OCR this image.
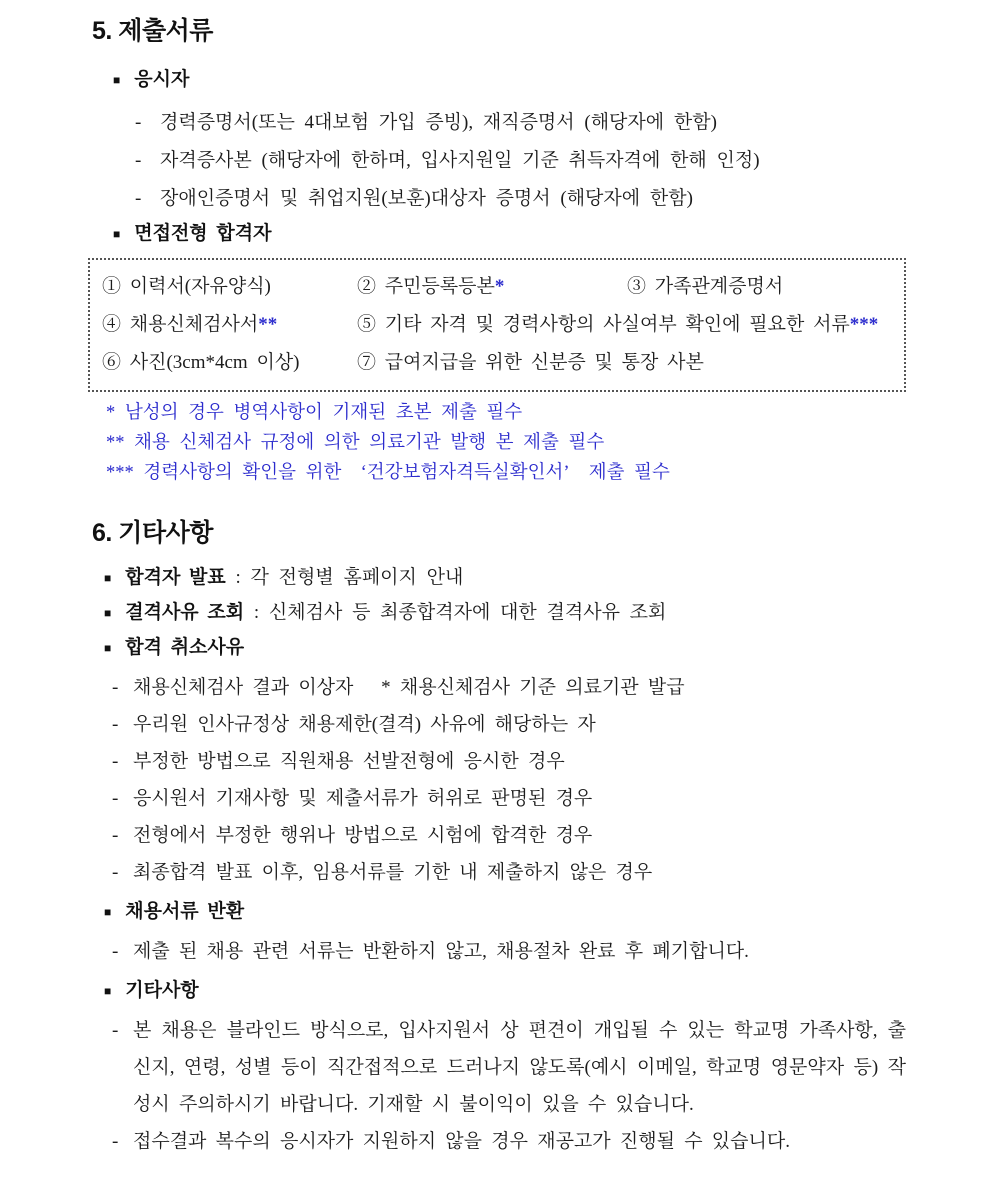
5. 제출서류
■ 응시자
- 경력증명서(또는 4대보험 가입 증빙), 재직증명서 (해당자에 한함)
- 자격증사본 (해당자에 한하며, 입사지원일 기준 취득자격에 한해 인정)
- 장애인증명서 및 취업지원(보훈)대상자 증명서 (해당자에 한함)
■ 면접전형 합격자
① 이력서(자유양식)	② 주민등록등본*	③ 가족관계증명서
④ 채용신체검사서**	⑤ 기타 자격 및 경력사항의 사실여부 확인에 필요한 서류***
⑥ 사진(3cm*4cm 이상)	⑦ 급여지급을 위한 신분증 및 통장 사본
* 남성의 경우 병역사항이 기재된 초본 제출 필수
** 채용 신체검사 규정에 의한 의료기관 발행 본 제출 필수
*** 경력사항의 확인을 위한  ‘건강보험자격득실확인서’  제출 필수
6. 기타사항
■ 합격자 발표 : 각 전형별 홈페이지 안내
■ 결격사유 조회 : 신체검사 등 최종합격자에 대한 결격사유 조회
■ 합격 취소사유
- 채용신체검사 결과 이상자   * 채용신체검사 기준 의료기관 발급
- 우리원 인사규정상 채용제한(결격) 사유에 해당하는 자
- 부정한 방법으로 직원채용 선발전형에 응시한 경우
- 응시원서 기재사항 및 제출서류가 허위로 판명된 경우
- 전형에서 부정한 행위나 방법으로 시험에 합격한 경우
- 최종합격 발표 이후, 임용서류를 기한 내 제출하지 않은 경우
■ 채용서류 반환
- 제출 된 채용 관련 서류는 반환하지 않고, 채용절차 완료 후 폐기합니다.
■ 기타사항
- 본 채용은 블라인드 방식으로, 입사지원서 상 편견이 개입될 수 있는 학교명 가족사항, 출신지, 연령, 성별 등이 직간접적으로 드러나지 않도록(예시 이메일, 학교명 영문약자 등) 작성시 주의하시기 바랍니다. 기재할 시 불이익이 있을 수 있습니다.
- 접수결과 복수의 응시자가 지원하지 않을 경우 재공고가 진행될 수 있습니다.
